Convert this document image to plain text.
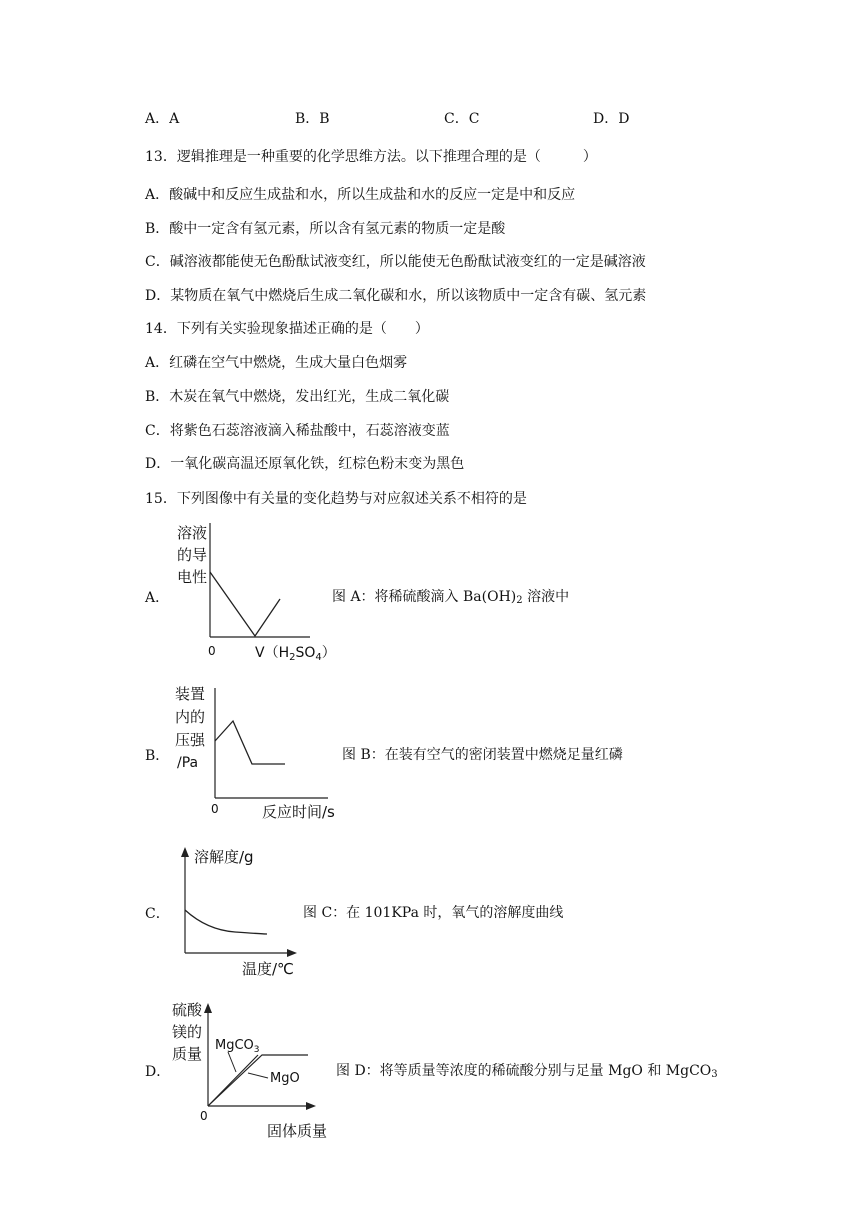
A．A	B．B	C．C	D．D
13．逻辑推理是一种重要的化学思维方法。以下推理合理的是（　　　）
A．酸碱中和反应生成盐和水，所以生成盐和水的反应一定是中和反应
B．酸中一定含有氢元素，所以含有氢元素的物质一定是酸
C．碱溶液都能使无色酚酞试液变红，所以能使无色酚酞试液变红的一定是碱溶液
D．某物质在氧气中燃烧后生成二氧化碳和水，所以该物质中一定含有碳、氢元素
14．下列有关实验现象描述正确的是（　　）
A．红磷在空气中燃烧，生成大量白色烟雾
B．木炭在氧气中燃烧，发出红光，生成二氧化碳
C．将紫色石蕊溶液滴入稀盐酸中，石蕊溶液变蓝
D．一氧化碳高温还原氧化铁，红棕色粉末变为黑色
15．下列图像中有关量的变化趋势与对应叙述关系不相符的是
A．
溶液
的导
电性
0	$V(H_2SO_4)$
图 A：将稀硫酸滴入 $Ba(OH)_2$ 溶液中
B．
装置
内的
压强
/Pa
0	反应时间/s
图 B：在装有空气的密闭装置中燃烧足量红磷
C．
溶解度/g
温度/℃
图 C：在 101KPa 时，氧气的溶解度曲线
D．
硫酸
镁的
质量 MgCO$_3$
MgO
0
固体质量
图 D：将等质量等浓度的稀硫酸分别与足量 MgO 和 MgCO$_3$
